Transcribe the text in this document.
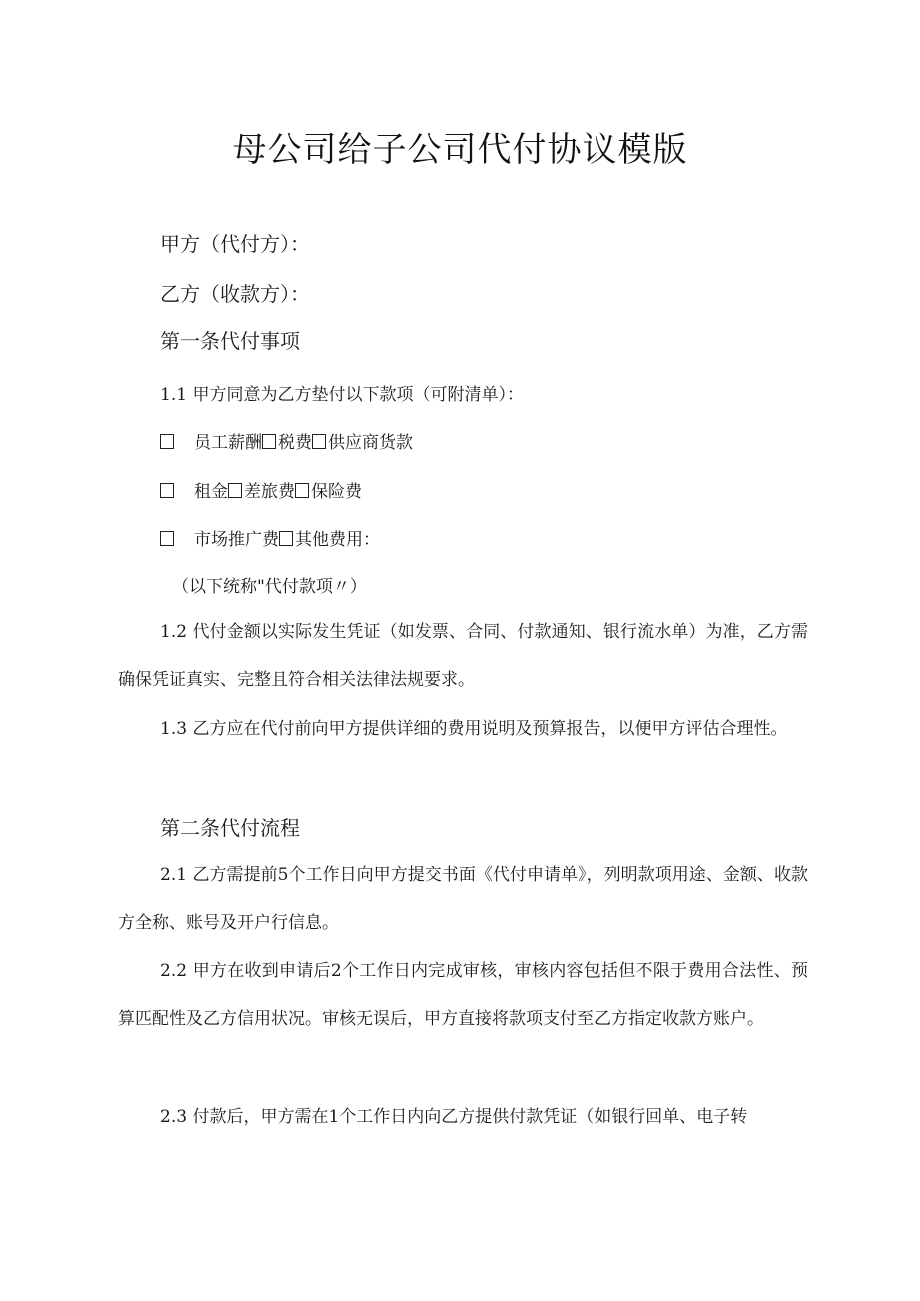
母公司给子公司代付协议模版

甲方（代付方）：

乙方（收款方）：

第一条代付事项

1.1 甲方同意为乙方垫付以下款项（可附清单）：

员工薪酬 税费 供应商货款
租金 差旅费 保险费
市场推广费 其他费用：

（以下统称"代付款项〃）

1.2 代付金额以实际发生凭证（如发票、合同、付款通知、银行流水单）为准，乙方需确保凭证真实、完整且符合相关法律法规要求。

1.3 乙方应在代付前向甲方提供详细的费用说明及预算报告，以便甲方评估合理性。

第二条代付流程

2.1 乙方需提前5个工作日向甲方提交书面《代付申请单》，列明款项用途、金额、收款方全称、账号及开户行信息。

2.2 甲方在收到申请后2个工作日内完成审核，审核内容包括但不限于费用合法性、预算匹配性及乙方信用状况。审核无误后，甲方直接将款项支付至乙方指定收款方账户。

2.3 付款后，甲方需在1个工作日内向乙方提供付款凭证（如银行回单、电子转
